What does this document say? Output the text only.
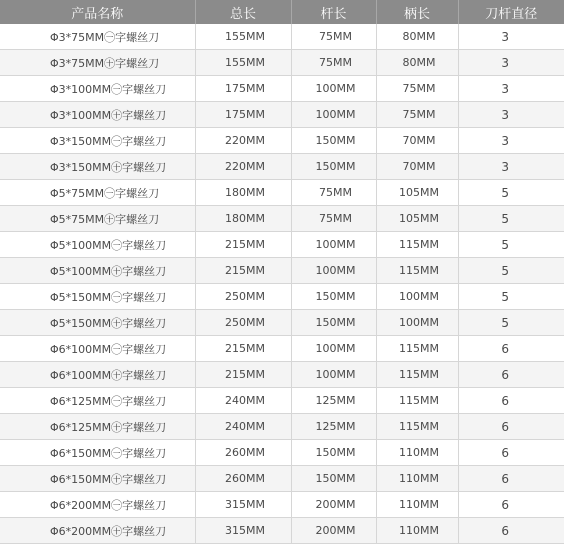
产品名称	总长	杆长	柄长	刀杆直径
Φ3*75MM㊀字螺丝刀	155MM	75MM	80MM	3
Φ3*75MM㊉字螺丝刀	155MM	75MM	80MM	3
Φ3*100MM㊀字螺丝刀	175MM	100MM	75MM	3
Φ3*100MM㊉字螺丝刀	175MM	100MM	75MM	3
Φ3*150MM㊀字螺丝刀	220MM	150MM	70MM	3
Φ3*150MM㊉字螺丝刀	220MM	150MM	70MM	3
Φ5*75MM㊀字螺丝刀	180MM	75MM	105MM	5
Φ5*75MM㊉字螺丝刀	180MM	75MM	105MM	5
Φ5*100MM㊀字螺丝刀	215MM	100MM	115MM	5
Φ5*100MM㊉字螺丝刀	215MM	100MM	115MM	5
Φ5*150MM㊀字螺丝刀	250MM	150MM	100MM	5
Φ5*150MM㊉字螺丝刀	250MM	150MM	100MM	5
Φ6*100MM㊀字螺丝刀	215MM	100MM	115MM	6
Φ6*100MM㊉字螺丝刀	215MM	100MM	115MM	6
Φ6*125MM㊀字螺丝刀	240MM	125MM	115MM	6
Φ6*125MM㊉字螺丝刀	240MM	125MM	115MM	6
Φ6*150MM㊀字螺丝刀	260MM	150MM	110MM	6
Φ6*150MM㊉字螺丝刀	260MM	150MM	110MM	6
Φ6*200MM㊀字螺丝刀	315MM	200MM	110MM	6
Φ6*200MM㊉字螺丝刀	315MM	200MM	110MM	6
